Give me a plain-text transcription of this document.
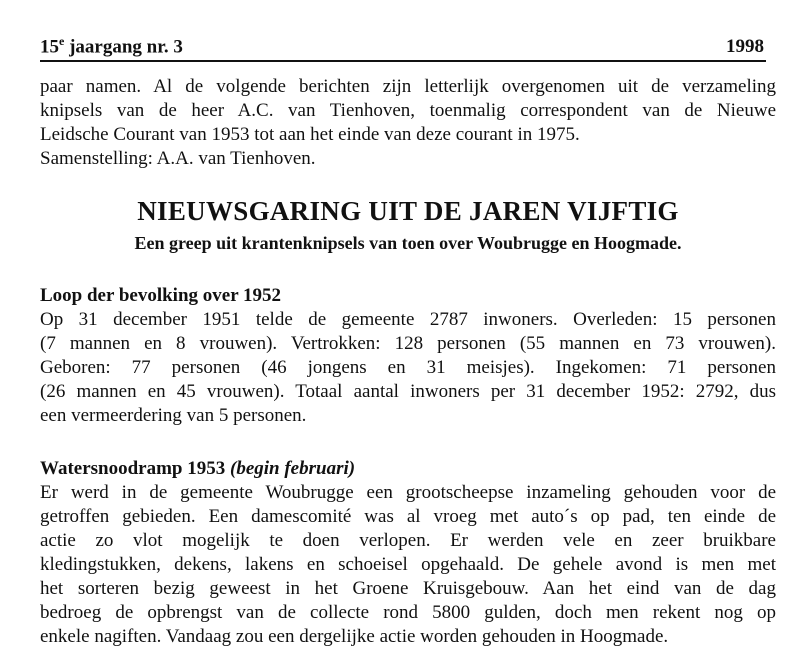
15e jaargang nr. 3	1998

paar namen. Al de volgende berichten zijn letterlijk overgenomen uit de verzameling

knipsels van de heer A.C. van Tienhoven, toenmalig correspondent van de Nieuwe

Leidsche Courant van 1953 tot aan het einde van deze courant in 1975.

Samenstelling: A.A. van Tienhoven.

NIEUWSGARING UIT DE JAREN VIJFTIG
Een greep uit krantenknipsels van toen over Woubrugge en Hoogmade.
Loop der bevolking over 1952

Op 31 december 1951 telde de gemeente 2787 inwoners. Overleden: 15 personen

(7 mannen en 8 vrouwen). Vertrokken: 128 personen (55 mannen en 73 vrouwen).

Geboren: 77 personen (46 jongens en 31 meisjes). Ingekomen: 71 personen

(26 mannen en 45 vrouwen). Totaal aantal inwoners per 31 december 1952: 2792, dus

een vermeerdering van 5 personen.

Watersnoodramp 1953 (begin februari)

Er werd in de gemeente Woubrugge een grootscheepse inzameling gehouden voor de

getroffen gebieden. Een damescomité was al vroeg met auto´s op pad, ten einde de

actie zo vlot mogelijk te doen verlopen. Er werden vele en zeer bruikbare

kledingstukken, dekens, lakens en schoeisel opgehaald. De gehele avond is men met

het sorteren bezig geweest in het Groene Kruisgebouw. Aan het eind van de dag

bedroeg de opbrengst van de collecte rond 5800 gulden, doch men rekent nog op

enkele nagiften. Vandaag zou een dergelijke actie worden gehouden in Hoogmade.
